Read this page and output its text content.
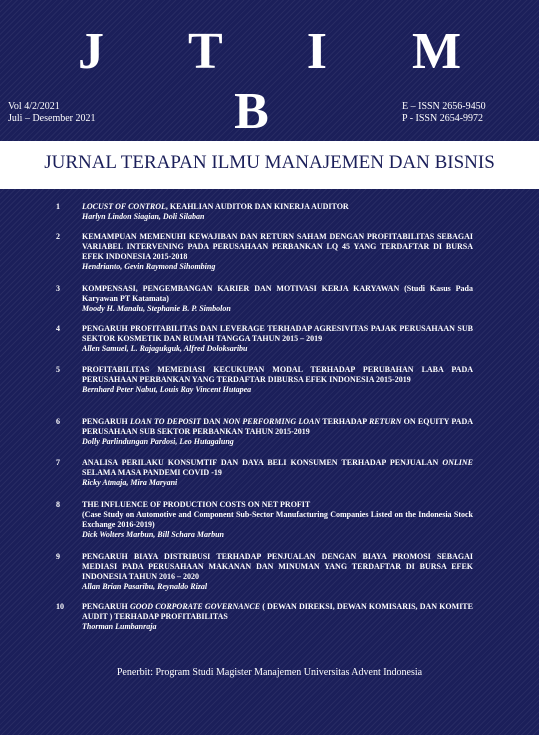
J T I M B
Vol 4/2/2021
Juli – Desember 2021
E – ISSN 2656-9450
P - ISSN 2654-9972
JURNAL TERAPAN ILMU MANAJEMEN DAN BISNIS
1	LOCUST OF CONTROL, KEAHLIAN AUDITOR DAN KINERJA AUDITOR
Harlyn Lindon Siagian, Doli Silaban
2	KEMAMPUAN MEMENUHI KEWAJIBAN DAN RETURN SAHAM DENGAN PROFITABILITAS SEBAGAI VARIABEL INTERVENING PADA PERUSAHAAN PERBANKAN LQ 45 YANG TERDAFTAR DI BURSA EFEK INDONESIA 2015-2018
Hendrianto, Gevin Raymond Sihombing
3	KOMPENSASI, PENGEMBANGAN KARIER DAN MOTIVASI KERJA KARYAWAN (Studi Kasus Pada Karyawan PT Katamata)
Moody H. Manalu, Stephanie B. P. Simbolon
4	PENGARUH PROFITABILITAS DAN LEVERAGE TERHADAP AGRESIVITAS PAJAK PERUSAHAAN SUB SEKTOR KOSMETIK DAN RUMAH TANGGA TAHUN 2015 – 2019
Allen Samuel, L. Rajagukguk, Alfred Doloksaribu
5	PROFITABILITAS MEMEDIASI KECUKUPAN MODAL TERHADAP PERUBAHAN LABA PADA PERUSAHAAN PERBANKAN YANG TERDAFTAR DIBURSA EFEK INDONESIA 2015-2019
Bernhard Peter Nabut, Louis Ray Vincent Hutapea
6	PENGARUH LOAN TO DEPOSIT DAN NON PERFORMING LOAN TERHADAP RETURN ON EQUITY PADA PERUSAHAAN SUB SEKTOR PERBANKAN TAHUN 2015-2019
Dolly Parlindungan Pardosi, Leo Hutagalung
7	ANALISA PERILAKU KONSUMTIF DAN DAYA BELI KONSUMEN TERHADAP PENJUALAN ONLINE SELAMA MASA PANDEMI COVID -19
Ricky Atmaja, Mira Maryani
8	THE INFLUENCE OF PRODUCTION COSTS ON NET PROFIT
(Case Study on Automotive and Component Sub-Sector Manufacturing Companies Listed on the Indonesia Stock Exchange 2016-2019)
Dick Wolters Marbun, Bill Schara Marbun
9	PENGARUH BIAYA DISTRIBUSI TERHADAP PENJUALAN DENGAN BIAYA PROMOSI SEBAGAI MEDIASI PADA PERUSAHAAN MAKANAN DAN MINUMAN YANG TERDAFTAR DI BURSA EFEK INDONESIA TAHUN 2016 – 2020
Allan Brian Pasaribu, Reynaldo Rizal
10 PENGARUH GOOD CORPORATE GOVERNANCE ( DEWAN DIREKSI, DEWAN KOMISARIS, DAN KOMITE AUDIT ) TERHADAP PROFITABILITAS
Thorman Lumbanraja
Penerbit: Program Studi Magister Manajemen Universitas Advent Indonesia
